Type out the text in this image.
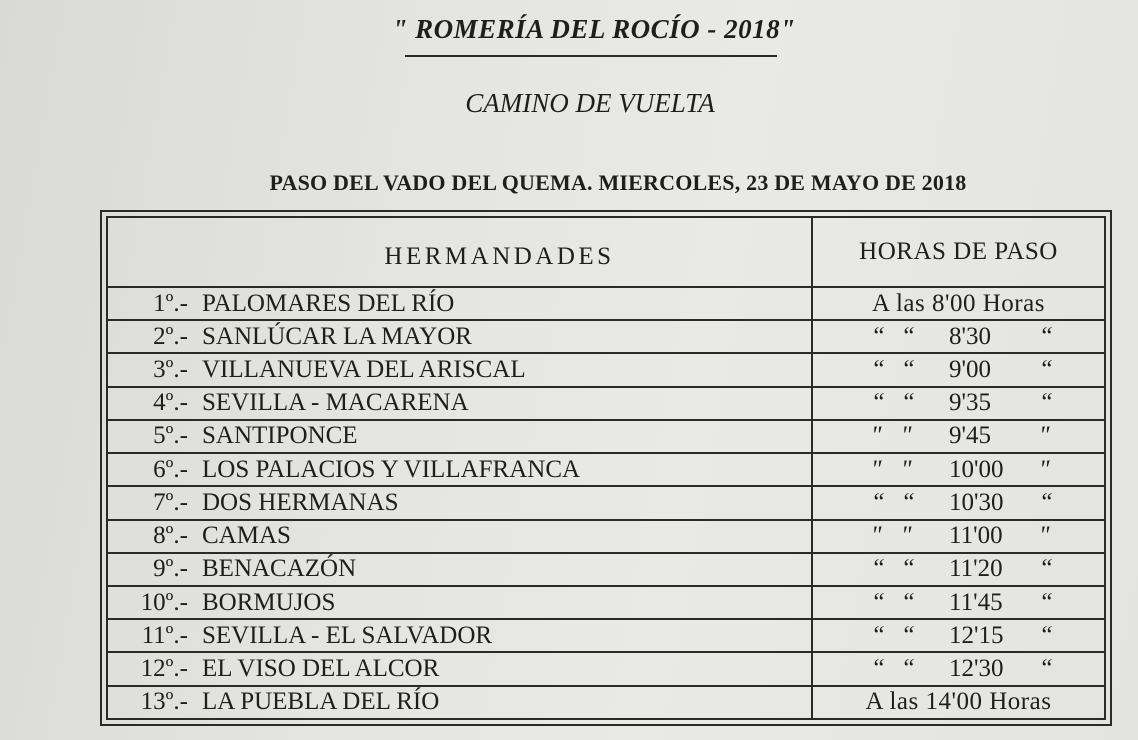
" ROMERÍA DEL ROCÍO - 2018"
CAMINO DE VUELTA
PASO DEL VADO DEL QUEMA. MIERCOLES, 23 DE MAYO DE 2018
HERMANDADES	HORAS DE PASO
1º.- PALOMARES DEL RÍO	A las 8'00 Horas
2º.- SANLÚCAR LA MAYOR	“ “ 8'30 “

3º.- VILLANUEVA DEL ARISCAL	“ “ 9'00 “

4º.- SEVILLA - MACARENA	“ “ 9'35 “

5º.- SANTIPONCE	" " 9'45 "

6º.- LOS PALACIOS Y VILLAFRANCA	" " 10'00 "

7º.- DOS HERMANAS	“ “ 10'30 “

8º.- CAMAS	" " 11'00 "

9º.- BENACAZÓN	“ “ 11'20 “

10º.- BORMUJOS	“ “ 11'45 “

11º.- SEVILLA - EL SALVADOR	“ “ 12'15 “

12º.- EL VISO DEL ALCOR	“ “ 12'30 “

13º.- LA PUEBLA DEL RÍO	A las 14'00 Horas
